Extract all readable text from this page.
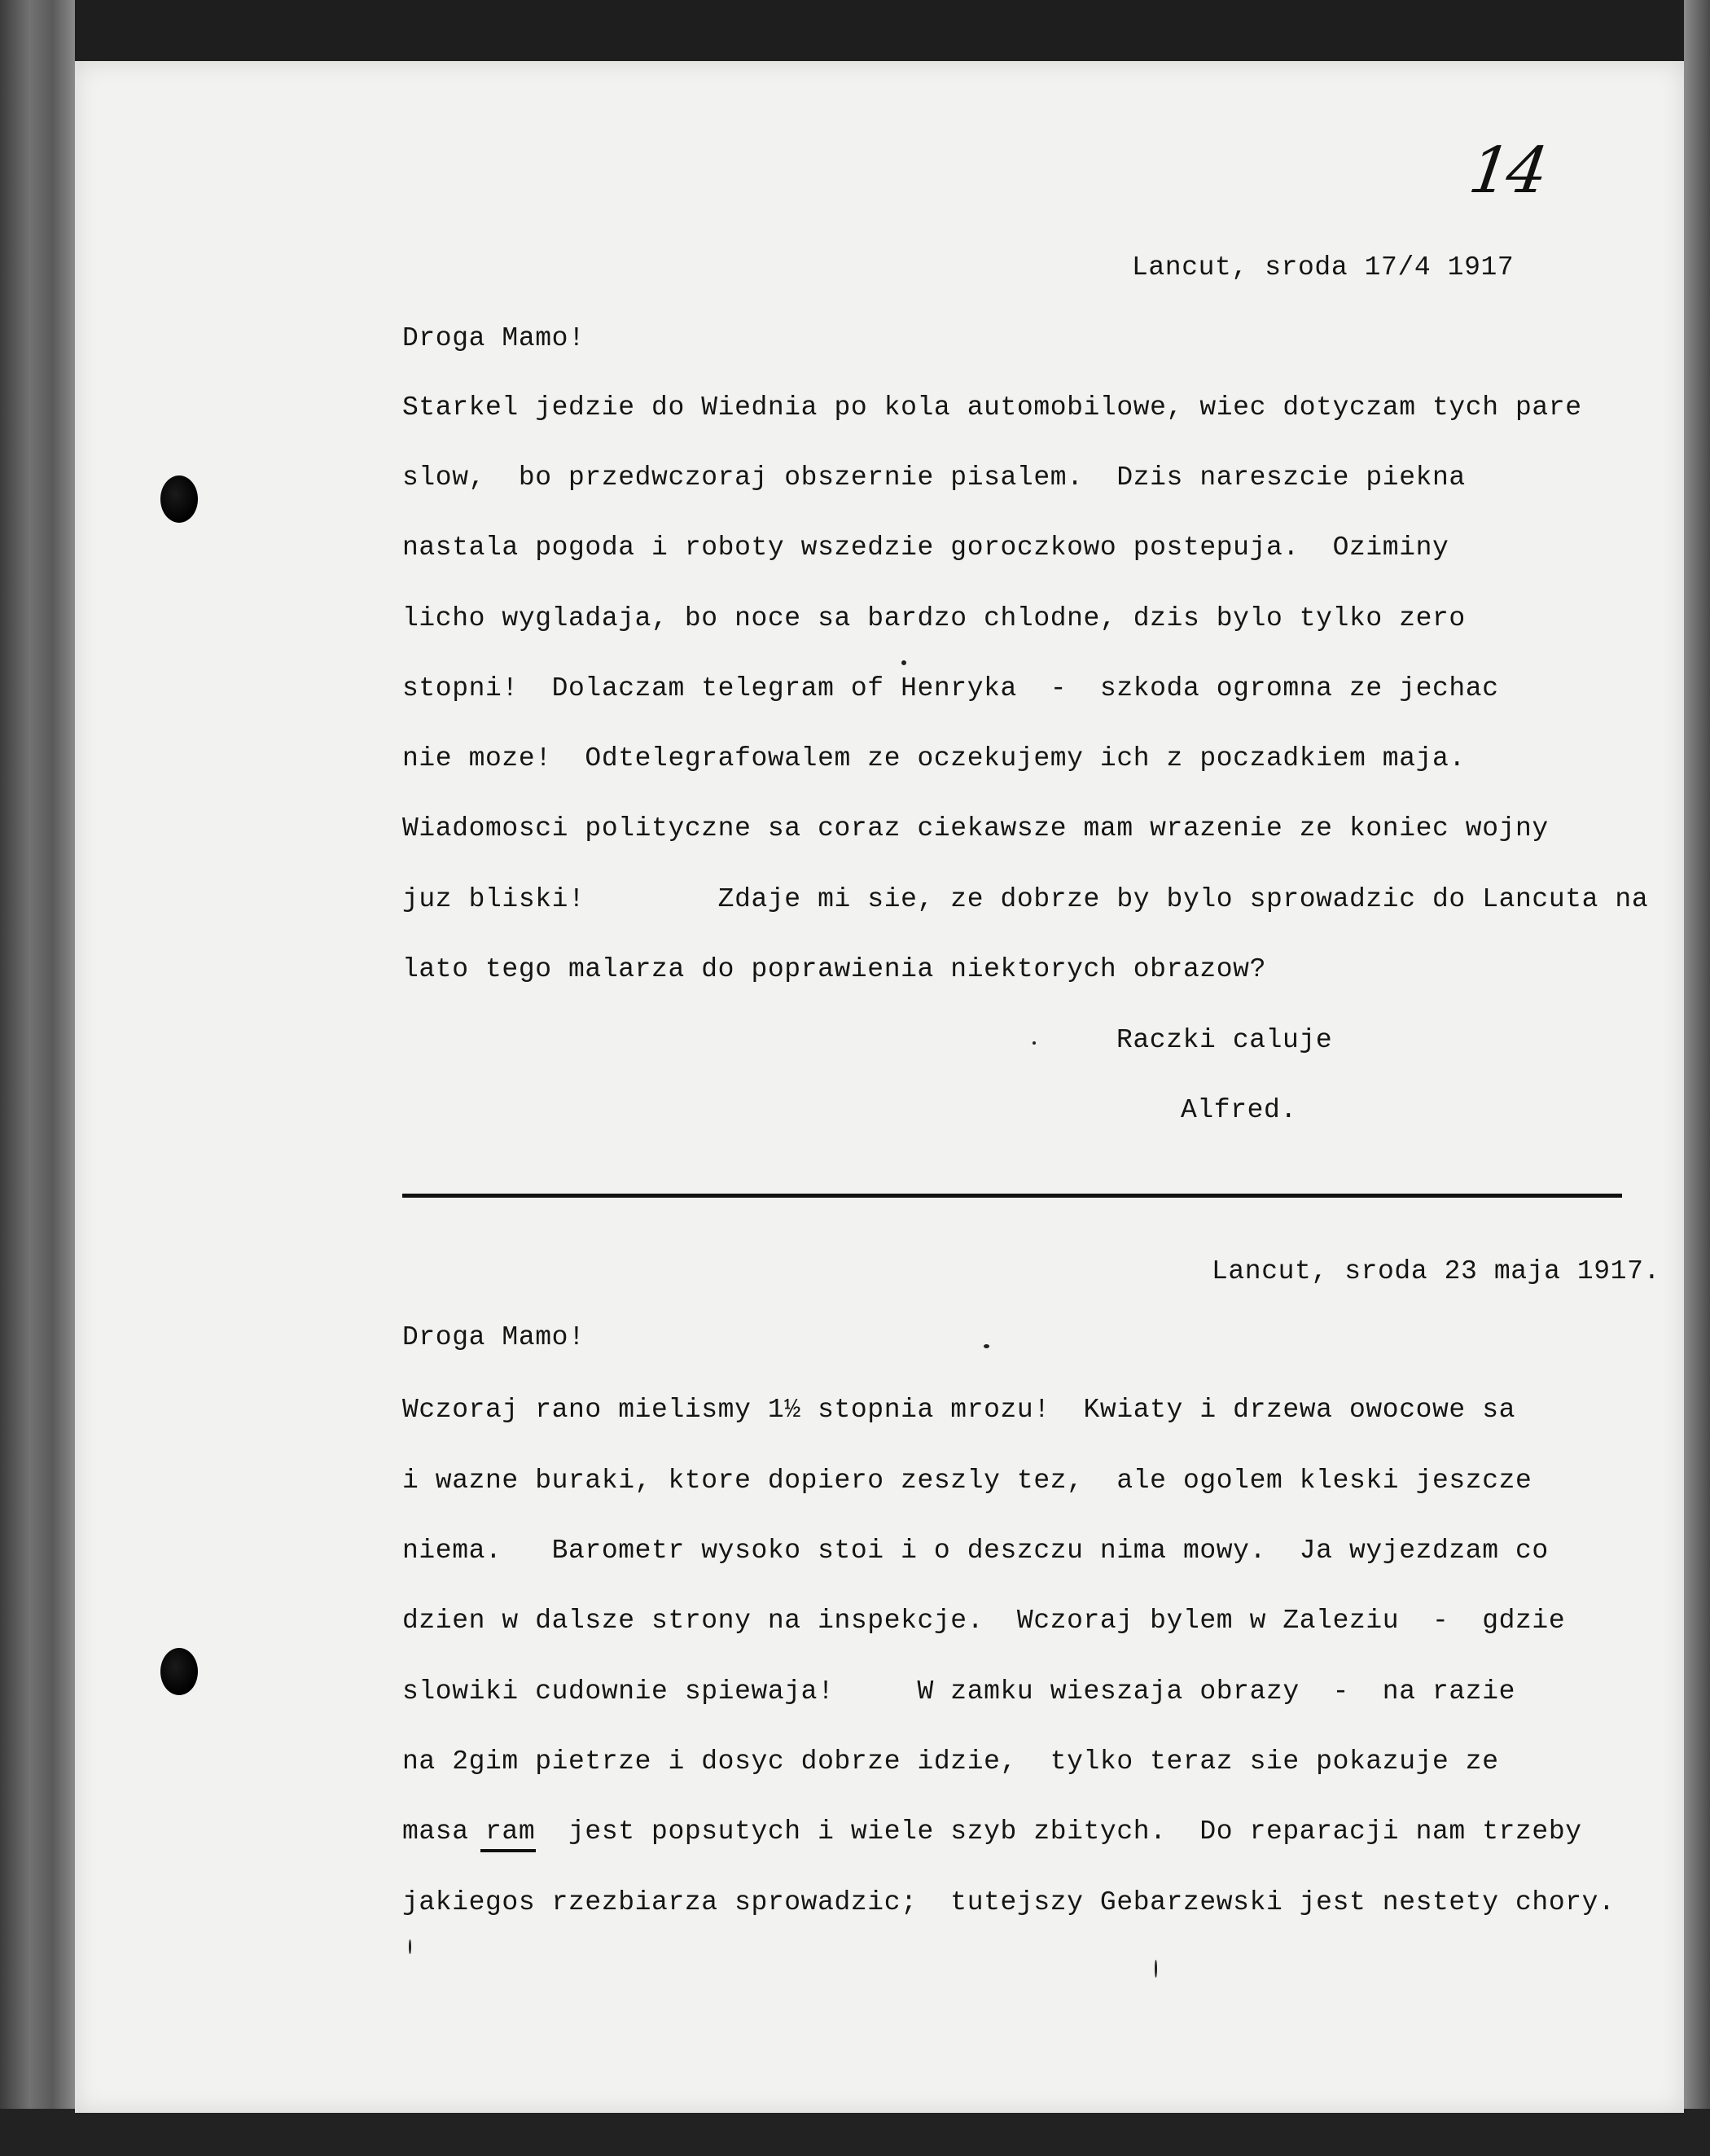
14
Lancut, sroda 17/4 1917
Droga Mamo!
Starkel jedzie do Wiednia po kola automobilowe, wiec dotyczam tych pare
slow,  bo przedwczoraj obszernie pisalem.  Dzis nareszcie piekna
nastala pogoda i roboty wszedzie goroczkowo postepuja.  Oziminy
licho wygladaja, bo noce sa bardzo chlodne, dzis bylo tylko zero
stopni!  Dolaczam telegram of Henryka  -  szkoda ogromna ze jechac
nie moze!  Odtelegrafowalem ze oczekujemy ich z poczadkiem maja.
Wiadomosci polityczne sa coraz ciekawsze mam wrazenie ze koniec wojny
juz bliski!        Zdaje mi sie, ze dobrze by bylo sprowadzic do Lancuta na
lato tego malarza do poprawienia niektorych obrazow?
Raczki caluje
Alfred.
Lancut, sroda 23 maja 1917.
Droga Mamo!
Wczoraj rano mielismy 1½ stopnia mrozu!  Kwiaty i drzewa owocowe sa
i wazne buraki, ktore dopiero zeszly tez,  ale ogolem kleski jeszcze
niema.   Barometr wysoko stoi i o deszczu nima mowy.  Ja wyjezdzam co
dzien w dalsze strony na inspekcje.  Wczoraj bylem w Zaleziu  -  gdzie
slowiki cudownie spiewaja!     W zamku wieszaja obrazy  -  na razie
na 2gim pietrze i dosyc dobrze idzie,  tylko teraz sie pokazuje ze
masa ram  jest popsutych i wiele szyb zbitych.  Do reparacji nam trzeby
jakiegos rzezbiarza sprowadzic;  tutejszy Gebarzewski jest nestety chory.
